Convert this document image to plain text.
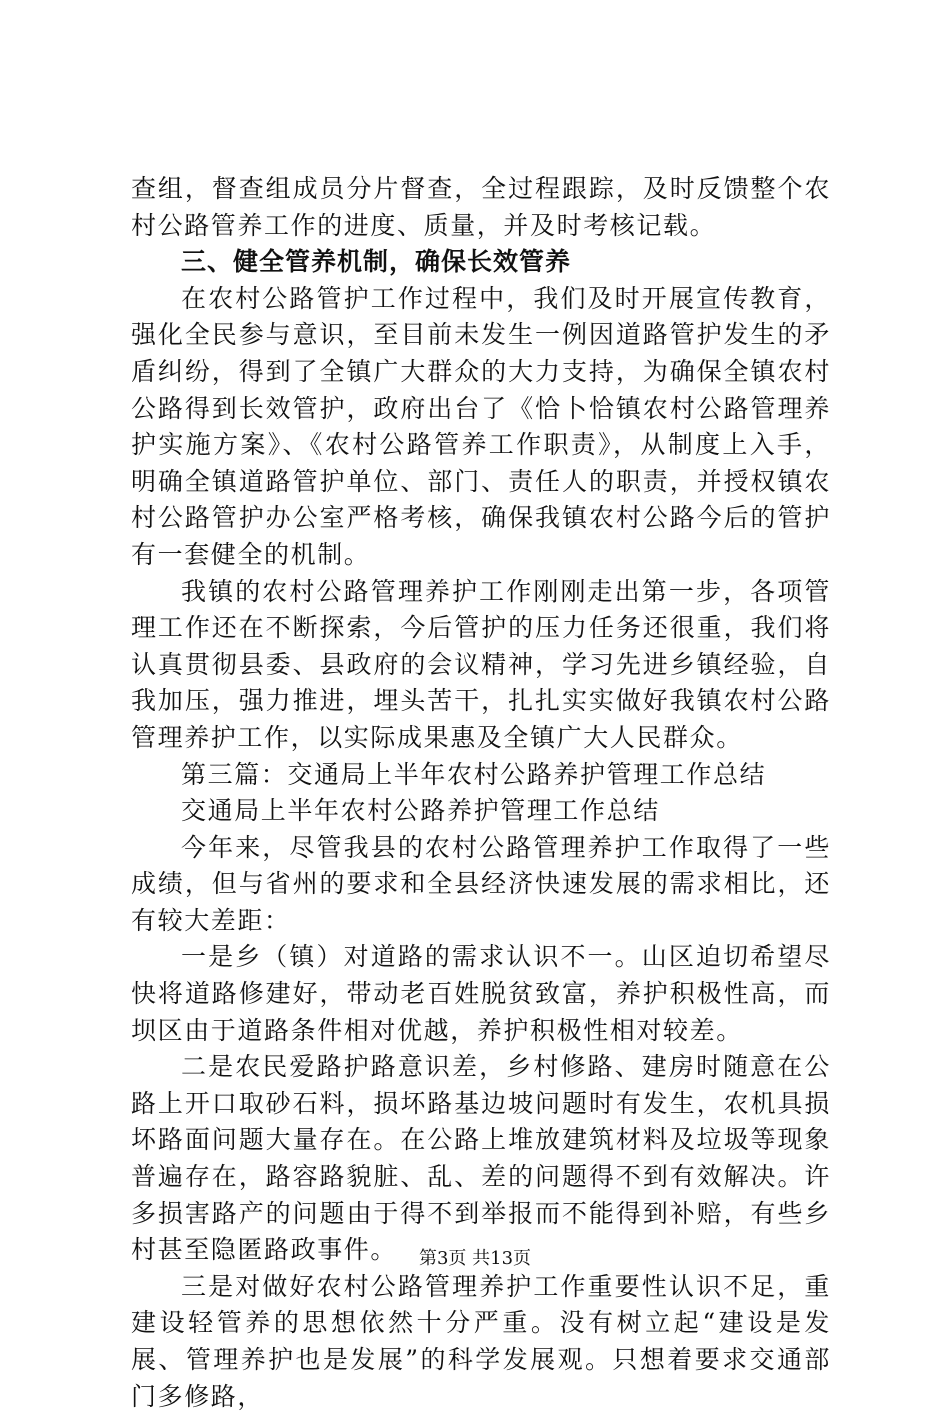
查组，督查组成员分片督查，全过程跟踪，及时反馈整个农村公路管养工作的进度、质量，并及时考核记载。

三、健全管养机制，确保长效管养

在农村公路管护工作过程中，我们及时开展宣传教育，强化全民参与意识，至目前未发生一例因道路管护发生的矛盾纠纷，得到了全镇广大群众的大力支持，为确保全镇农村公路得到长效管护，政府出台了《恰卜恰镇农村公路管理养护实施方案》、《农村公路管养工作职责》，从制度上入手，明确全镇道路管护单位、部门、责任人的职责，并授权镇农村公路管护办公室严格考核，确保我镇农村公路今后的管护有一套健全的机制。

我镇的农村公路管理养护工作刚刚走出第一步，各项管理工作还在不断探索，今后管护的压力任务还很重，我们将认真贯彻县委、县政府的会议精神，学习先进乡镇经验，自我加压，强力推进，埋头苦干，扎扎实实做好我镇农村公路管理养护工作，以实际成果惠及全镇广大人民群众。

第三篇：交通局上半年农村公路养护管理工作总结

交通局上半年农村公路养护管理工作总结

今年来，尽管我县的农村公路管理养护工作取得了一些成绩，但与省州的要求和全县经济快速发展的需求相比，还有较大差距：

一是乡（镇）对道路的需求认识不一。山区迫切希望尽快将道路修建好，带动老百姓脱贫致富，养护积极性高，而坝区由于道路条件相对优越，养护积极性相对较差。

二是农民爱路护路意识差，乡村修路、建房时随意在公路上开口取砂石料，损坏路基边坡问题时有发生，农机具损坏路面问题大量存在。在公路上堆放建筑材料及垃圾等现象普遍存在，路容路貌脏、乱、差的问题得不到有效解决。许多损害路产的问题由于得不到举报而不能得到补赔，有些乡村甚至隐匿路政事件。

三是对做好农村公路管理养护工作重要性认识不足，重建设轻管养的思想依然十分严重。没有树立起“建设是发展、管理养护也是发展”的科学发展观。只想着要求交通部门多修路，

第3页 共13页
